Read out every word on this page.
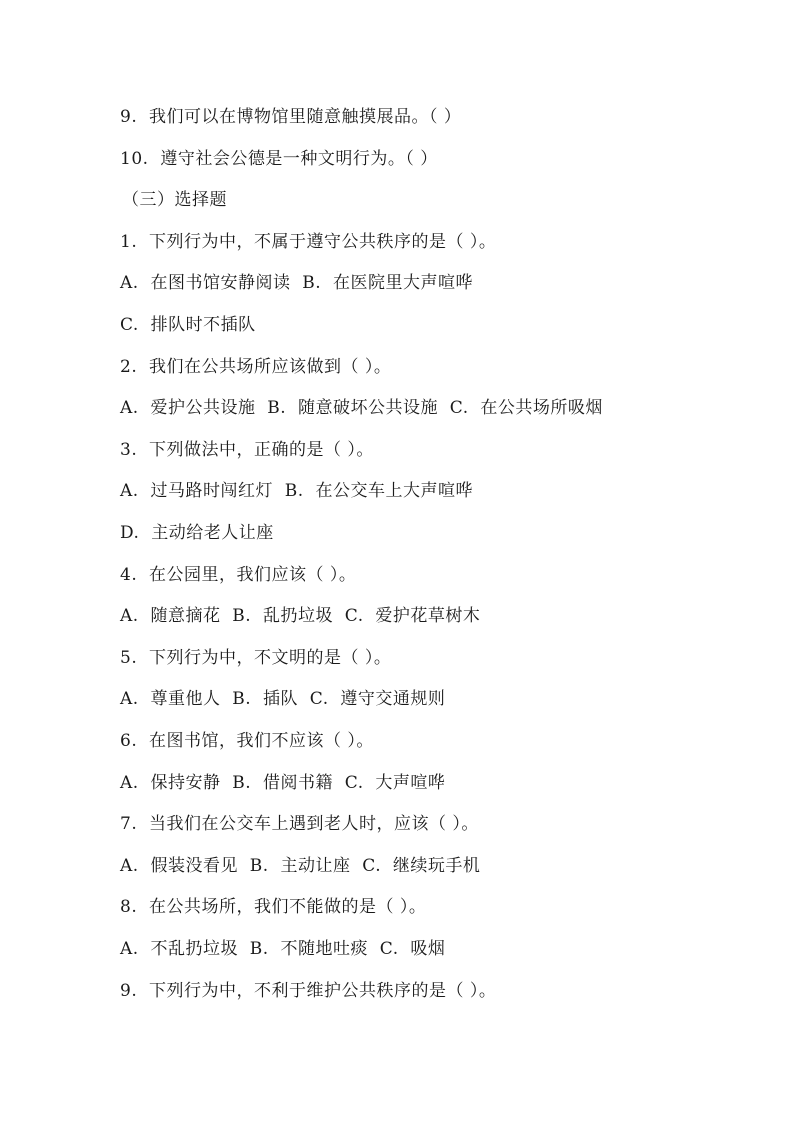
9.  我们可以在博物馆里随意触摸展品。（ ）
10.  遵守社会公德是一种文明行为。（ ）
（三）选择题
1.  下列行为中，不属于遵守公共秩序的是（ ）。
A.  在图书馆安静阅读  B.  在医院里大声喧哗
C.  排队时不插队
2.  我们在公共场所应该做到（ ）。
A.  爱护公共设施  B.  随意破坏公共设施  C.  在公共场所吸烟
3.  下列做法中，正确的是（ ）。
A.  过马路时闯红灯  B.  在公交车上大声喧哗
D.  主动给老人让座
4.  在公园里，我们应该（ ）。
A.  随意摘花  B.  乱扔垃圾  C.  爱护花草树木
5.  下列行为中，不文明的是（ ）。
A.  尊重他人  B.  插队  C.  遵守交通规则
6.  在图书馆，我们不应该（ ）。
A.  保持安静  B.  借阅书籍  C.  大声喧哗
7.  当我们在公交车上遇到老人时，应该（ ）。
A.  假装没看见  B.  主动让座  C.  继续玩手机
8.  在公共场所，我们不能做的是（ ）。
A.  不乱扔垃圾  B.  不随地吐痰  C.  吸烟
9.  下列行为中，不利于维护公共秩序的是（ ）。
